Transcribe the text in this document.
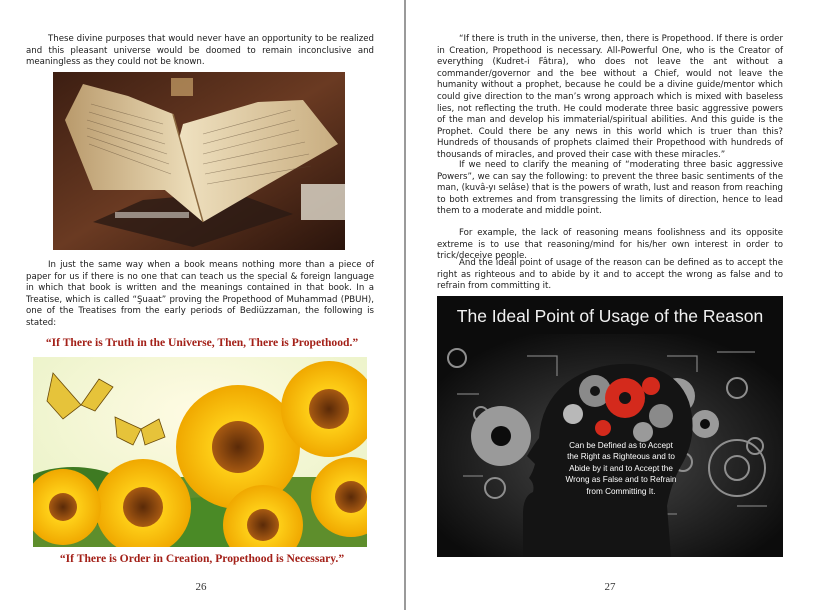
These divine purposes that would never have an opportunity to be realized and this pleasant universe would be doomed to remain inconclusive and meaningless as they could not be known.

In just the same way when a book means nothing more than a piece of paper for us if there is no one that can teach us the special & foreign language in which that book is written and the meanings contained in that book. In a Treatise, which is called “Şuaat” proving the Propethood of Muhammad (PBUH), one of the Treatises from the early periods of Bediüzzaman, the following is stated:

“If There is Truth in the Universe, Then, There is Propethood.”

“If There is Order in Creation, Propethood is Necessary.”

26

“If there is truth in the universe, then, there is Propethood. If there is order in Creation, Propethood is necessary. All-Powerful One, who is the Creator of everything (Kudret-i Fâtıra), who does not leave the ant without a commander/governor and the bee without a Chief, would not leave the humanity without a prophet, because he could be a divine guide/mentor which could give direction to the man’s wrong approach which is mixed with baseless lies, not reflecting the truth. He could moderate three basic aggressive powers of the man and develop his immaterial/spiritual abilities. And this guide is the Prophet. Could there be any news in this world which is truer than this? Hundreds of thousands of prophets claimed their Propethood with hundreds of thousands of miracles, and proved their case with these miracles.”

If we need to clarify the meaning of “moderating three basic aggressive Powers”, we can say the following: to prevent the three basic sentiments of the man, (kuvâ-yı selâse) that is the powers of wrath, lust and reason from reaching to both extremes and from transgressing the limits of direction, hence to lead them to a moderate and middle point.

For example, the lack of reasoning means foolishness and its opposite extreme is to use that reasoning/mind for his/her own interest in order to trick/deceive people.

And the ideal point of usage of the reason can be defined as to accept the right as righteous and to abide by it and to accept the wrong as false and to refrain from committing it.

The Ideal Point of Usage of the Reason

Can be Defined as to Accept the Right as Righteous and to Abide by it and to Accept the Wrong as False and to Refrain from Committing It.

27
